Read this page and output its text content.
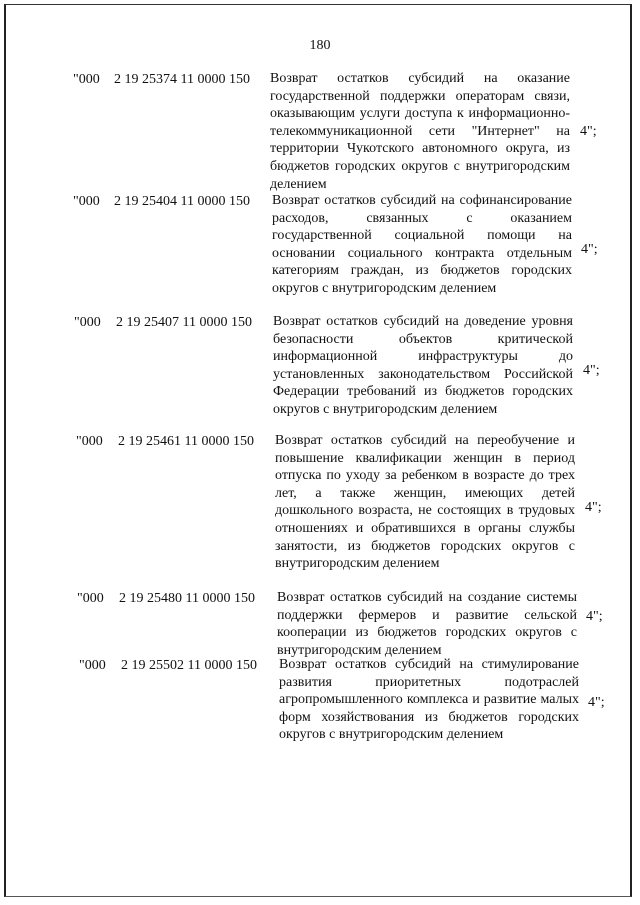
180
"000 2 19 25374 11 0000 150 Возврат остатков субсидий на оказание государственной поддержки операторам связи, оказывающим услуги доступа к информационно-телекоммуникационной сети "Интернет" на территории Чукотского автономного округа, из бюджетов городских округов с внутригородским делением
4";
"000 2 19 25404 11 0000 150 Возврат остатков субсидий на софинансирование расходов, связанных с оказанием государственной социальной помощи на основании социального контракта отдельным категориям граждан, из бюджетов городских округов с внутригородским делением
4";
"000 2 19 25407 11 0000 150 Возврат остатков субсидий на доведение уровня безопасности объектов критической информационной инфраструктуры до установленных законодательством Российской Федерации требований из бюджетов городских округов с внутригородским делением
4";
"000 2 19 25461 11 0000 150 Возврат остатков субсидий на переобучение и повышение квалификации женщин в период отпуска по уходу за ребенком в возрасте до трех лет, а также женщин, имеющих детей дошкольного возраста, не состоящих в трудовых отношениях и обратившихся в органы службы занятости, из бюджетов городских округов с внутригородским делением
4";
"000 2 19 25480 11 0000 150 Возврат остатков субсидий на создание системы поддержки фермеров и развитие сельской кооперации из бюджетов городских округов с внутригородским делением
4";
"000 2 19 25502 11 0000 150 Возврат остатков субсидий на стимулирование развития приоритетных подотраслей агропромышленного комплекса и развитие малых форм хозяйствования из бюджетов городских округов с внутригородским делением
4";
